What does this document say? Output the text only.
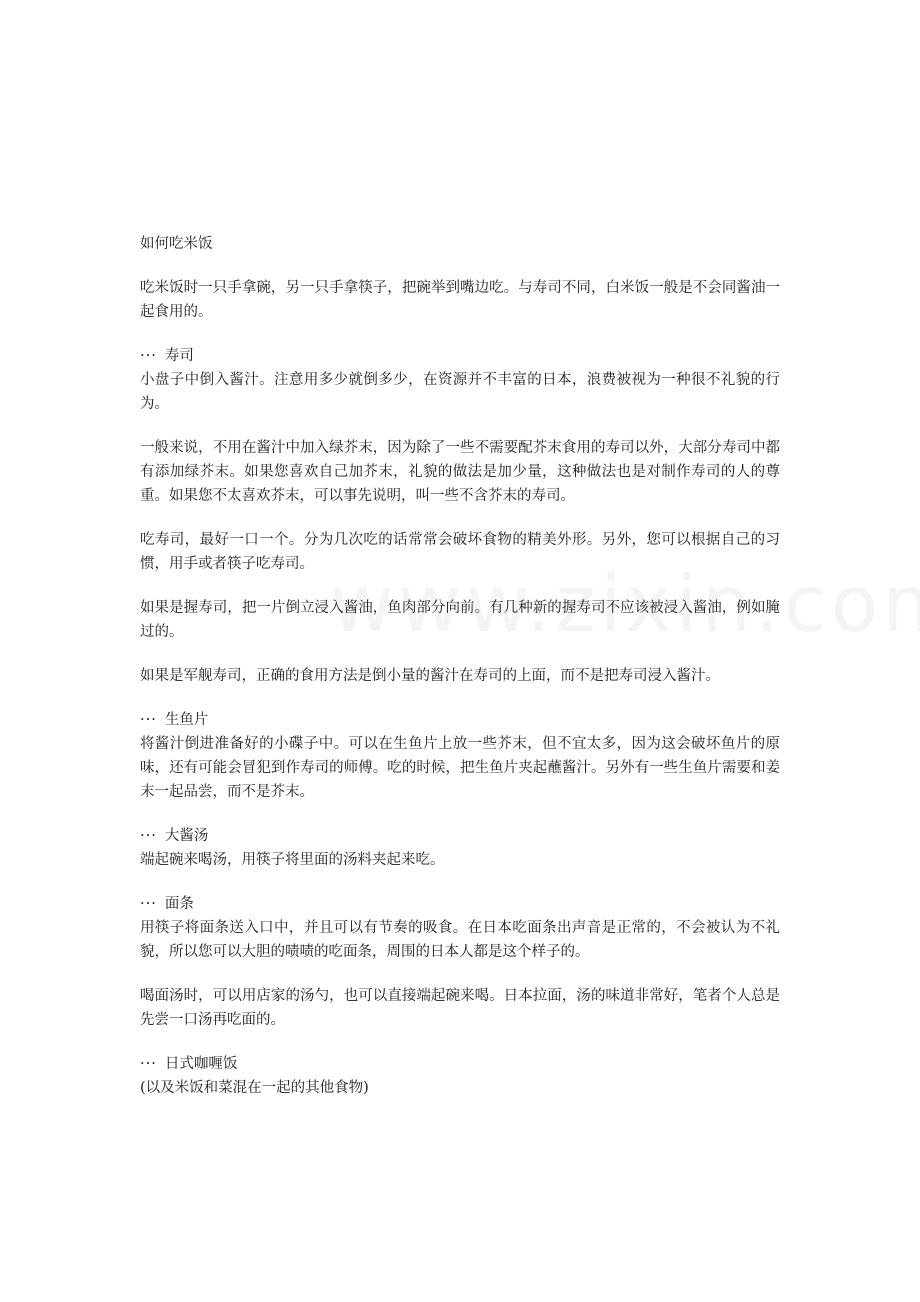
如何吃米饭

吃米饭时一只手拿碗，另一只手拿筷子，把碗举到嘴边吃。与寿司不同，白米饭一般是不会同酱油一起食用的。

··· 寿司

小盘子中倒入酱汁。注意用多少就倒多少，在资源并不丰富的日本，浪费被视为一种很不礼貌的行为。

一般来说，不用在酱汁中加入绿芥末，因为除了一些不需要配芥末食用的寿司以外，大部分寿司中都有添加绿芥末。如果您喜欢自己加芥末，礼貌的做法是加少量，这种做法也是对制作寿司的人的尊重。如果您不太喜欢芥末，可以事先说明，叫一些不含芥末的寿司。

吃寿司，最好一口一个。分为几次吃的话常常会破坏食物的精美外形。另外，您可以根据自己的习惯，用手或者筷子吃寿司。

如果是握寿司，把一片倒立浸入酱油，鱼肉部分向前。有几种新的握寿司不应该被浸入酱油，例如腌过的。

如果是军舰寿司，正确的食用方法是倒小量的酱汁在寿司的上面，而不是把寿司浸入酱汁。

··· 生鱼片

将酱汁倒进准备好的小碟子中。可以在生鱼片上放一些芥末，但不宜太多，因为这会破坏鱼片的原味，还有可能会冒犯到作寿司的师傅。吃的时候，把生鱼片夹起蘸酱汁。另外有一些生鱼片需要和姜末一起品尝，而不是芥末。

··· 大酱汤

端起碗来喝汤，用筷子将里面的汤料夹起来吃。

··· 面条

用筷子将面条送入口中，并且可以有节奏的吸食。在日本吃面条出声音是正常的，不会被认为不礼貌，所以您可以大胆的啧啧的吃面条，周围的日本人都是这个样子的。

喝面汤时，可以用店家的汤勺，也可以直接端起碗来喝。日本拉面，汤的味道非常好，笔者个人总是先尝一口汤再吃面的。

··· 日式咖喱饭

(以及米饭和菜混在一起的其他食物)
